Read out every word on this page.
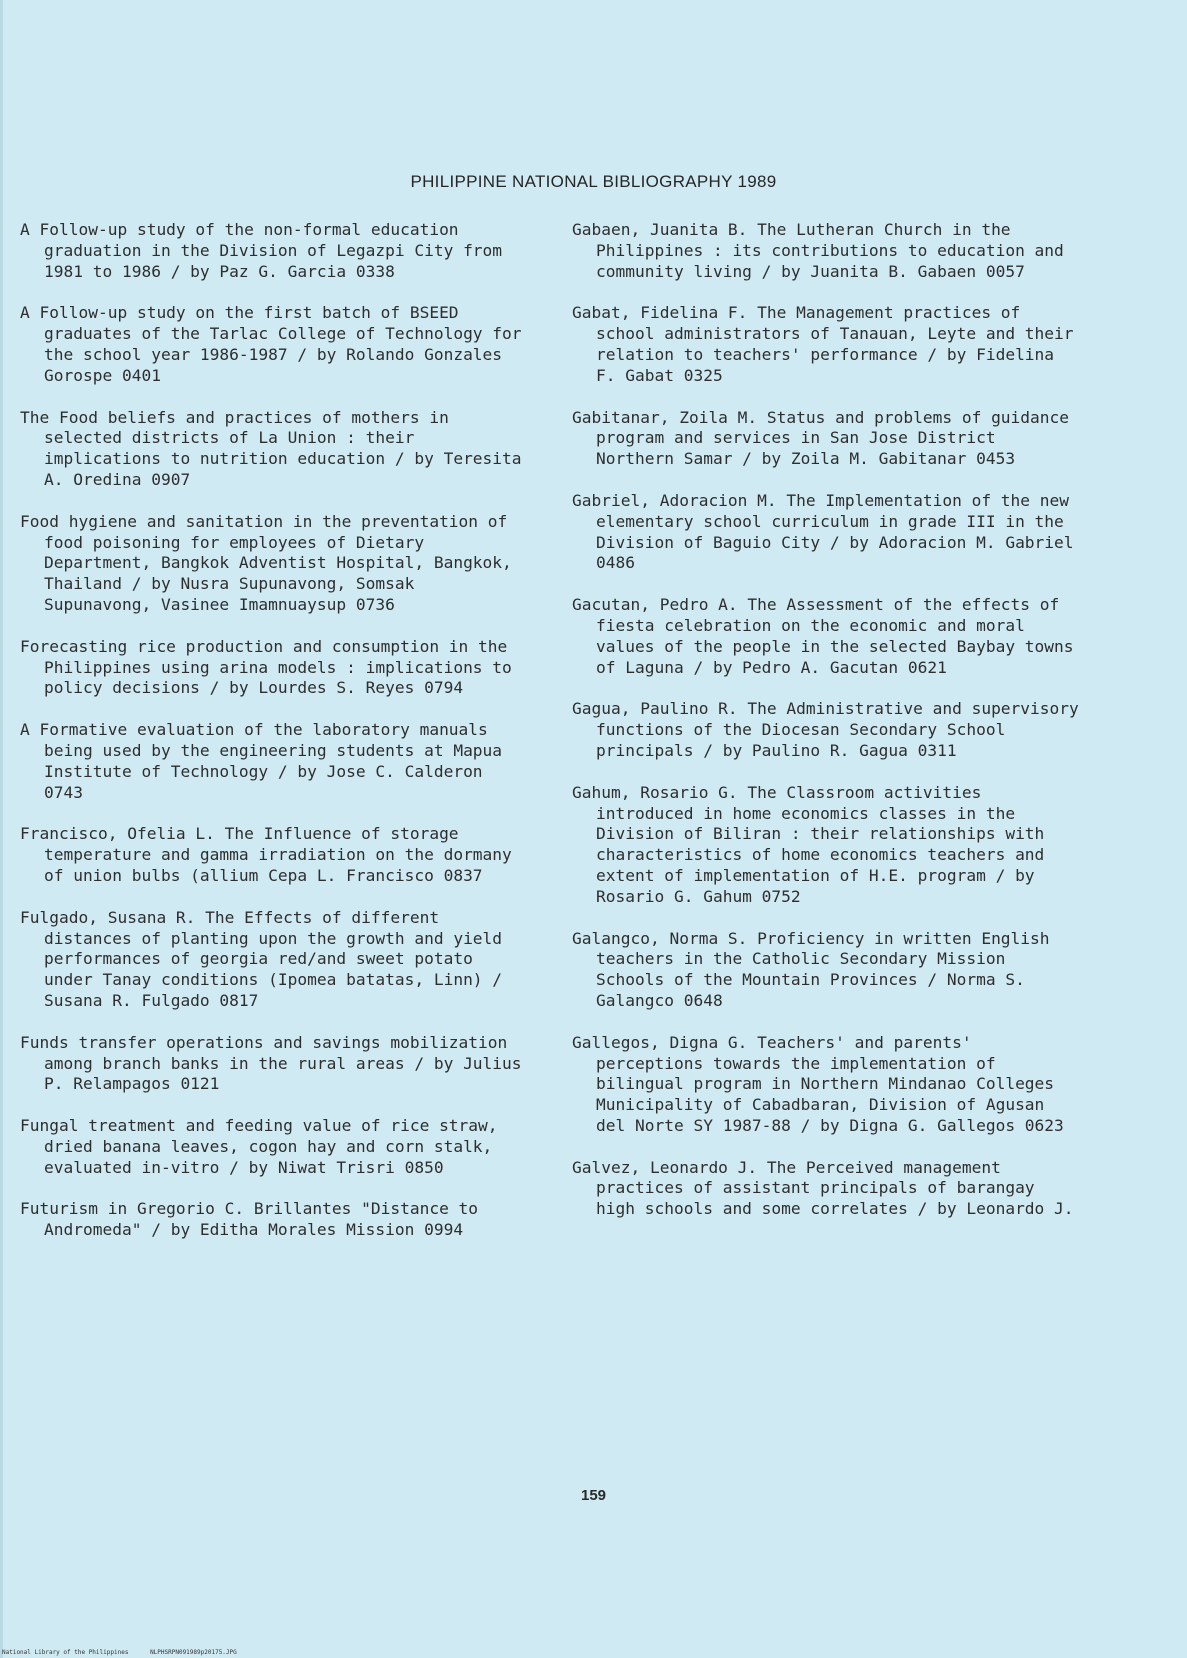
PHILIPPINE NATIONAL BIBLIOGRAPHY 1989

A Follow-up study of the non-formal education graduation in the Division of Legazpi City from 1981 to 1986 / by Paz G. Garcia 0338

A Follow-up study on the first batch of BSEED graduates of the Tarlac College of Technology for the school year 1986-1987 / by Rolando Gonzales Gorospe 0401

The Food beliefs and practices of mothers in selected districts of La Union : their implications to nutrition education / by Teresita A. Oredina 0907

Food hygiene and sanitation in the preventation of food poisoning for employees of Dietary Department, Bangkok Adventist Hospital, Bangkok, Thailand / by Nusra Supunavong, Somsak Supunavong, Vasinee Imamnuaysup 0736

Forecasting rice production and consumption in the Philippines using arina models : implications to policy decisions / by Lourdes S. Reyes 0794

A Formative evaluation of the laboratory manuals being used by the engineering students at Mapua Institute of Technology / by Jose C. Calderon 0743

Francisco, Ofelia L. The Influence of storage temperature and gamma irradiation on the dormany of union bulbs (allium Cepa L. Francisco 0837

Fulgado, Susana R. The Effects of different distances of planting upon the growth and yield performances of georgia red/and sweet potato under Tanay conditions (Ipomea batatas, Linn) / Susana R. Fulgado 0817

Funds transfer operations and savings mobilization among branch banks in the rural areas / by Julius P. Relampagos 0121

Fungal treatment and feeding value of rice straw, dried banana leaves, cogon hay and corn stalk, evaluated in-vitro / by Niwat Trisri 0850

Futurism in Gregorio C. Brillantes "Distance to Andromeda" / by Editha Morales Mission 0994

Gabaen, Juanita B. The Lutheran Church in the Philippines : its contributions to education and community living / by Juanita B. Gabaen 0057

Gabat, Fidelina F. The Management practices of school administrators of Tanauan, Leyte and their relation to teachers' performance / by Fidelina F. Gabat 0325

Gabitanar, Zoila M. Status and problems of guidance program and services in San Jose District Northern Samar / by Zoila M. Gabitanar 0453

Gabriel, Adoracion M. The Implementation of the new elementary school curriculum in grade III in the Division of Baguio City / by Adoracion M. Gabriel 0486

Gacutan, Pedro A. The Assessment of the effects of fiesta celebration on the economic and moral values of the people in the selected Baybay towns of Laguna / by Pedro A. Gacutan 0621

Gagua, Paulino R. The Administrative and supervisory functions of the Diocesan Secondary School principals / by Paulino R. Gagua 0311

Gahum, Rosario G. The Classroom activities introduced in home economics classes in the Division of Biliran : their relationships with characteristics of home economics teachers and extent of implementation of H.E. program / by Rosario G. Gahum 0752

Galangco, Norma S. Proficiency in written English teachers in the Catholic Secondary Mission Schools of the Mountain Provinces / Norma S. Galangco 0648

Gallegos, Digna G. Teachers' and parents' perceptions towards the implementation of bilingual program in Northern Mindanao Colleges Municipality of Cabadbaran, Division of Agusan del Norte SY 1987-88 / by Digna G. Gallegos 0623

Galvez, Leonardo J. The Perceived management practices of assistant principals of barangay high schools and some correlates / by Leonardo J.

159
National Library of the Philippines	NLPHSRPN091989p20175.JPG
